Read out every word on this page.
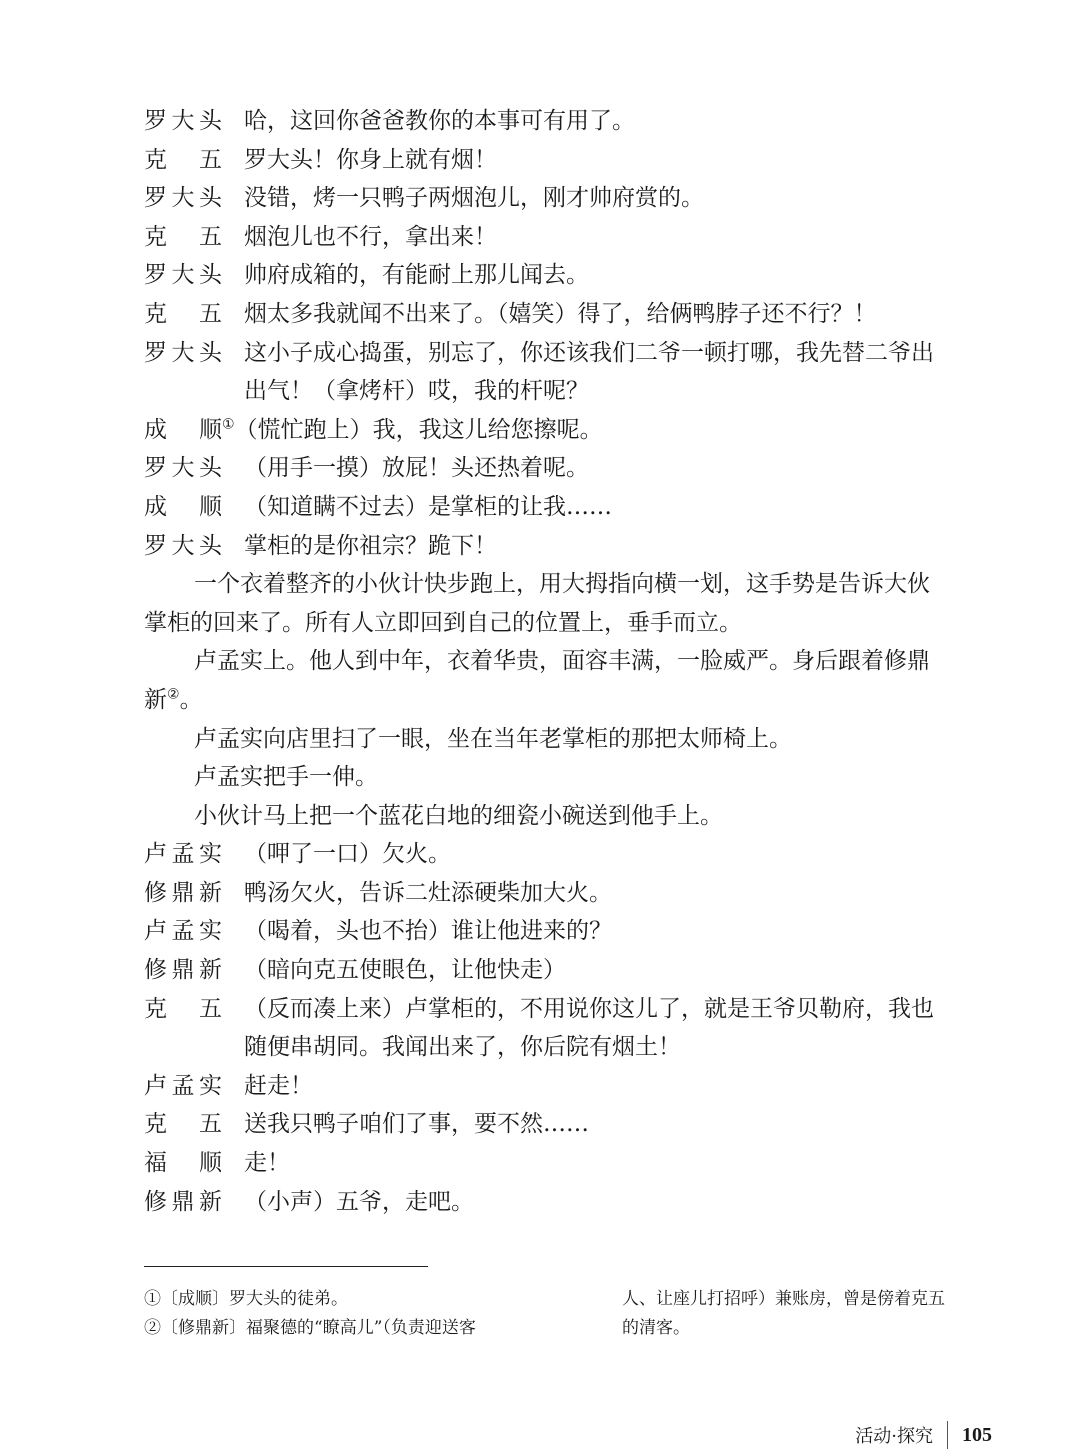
罗大头 哈，这回你爸爸教你的本事可有用了。
克五 罗大头！你身上就有烟！
罗大头 没错，烤一只鸭子两烟泡儿，刚才帅府赏的。
克五 烟泡儿也不行，拿出来！
罗大头 帅府成箱的，有能耐上那儿闻去。
克五 烟太多我就闻不出来了。（嬉笑）得了，给俩鸭脖子还不行？！
罗大头 这小子成心捣蛋，别忘了，你还该我们二爷一顿打哪，我先替二爷出
出气！（拿烤杆）哎，我的杆呢？
成顺 ①（慌忙跑上）我，我这儿给您擦呢。
罗大头 （用手一摸）放屁！头还热着呢。
成顺 （知道瞒不过去）是掌柜的让我……
罗大头 掌柜的是你祖宗？跪下！
一个衣着整齐的小伙计快步跑上，用大拇指向横一划，这手势是告诉大伙
掌柜的回来了。所有人立即回到自己的位置上，垂手而立。
卢孟实上。他人到中年，衣着华贵，面容丰满，一脸威严。身后跟着修鼎
新②。
卢孟实向店里扫了一眼，坐在当年老掌柜的那把太师椅上。
卢孟实把手一伸。
小伙计马上把一个蓝花白地的细瓷小碗送到他手上。
卢孟实 （呷了一口）欠火。
修鼎新 鸭汤欠火，告诉二灶添硬柴加大火。
卢孟实 （喝着，头也不抬）谁让他进来的？
修鼎新 （暗向克五使眼色，让他快走）
克五 （反而凑上来）卢掌柜的，不用说你这儿了，就是王爷贝勒府，我也
随便串胡同。我闻出来了，你后院有烟土！
卢孟实 赶走！
克五 送我只鸭子咱们了事，要不然……
福顺 走！
修鼎新 （小声）五爷，走吧。
①〔成顺〕罗大头的徒弟。
②〔修鼎新〕福聚德的“瞭高儿”（负责迎送客
人、让座儿打招呼）兼账房，曾是傍着克五
的清客。
活动·探究 105
